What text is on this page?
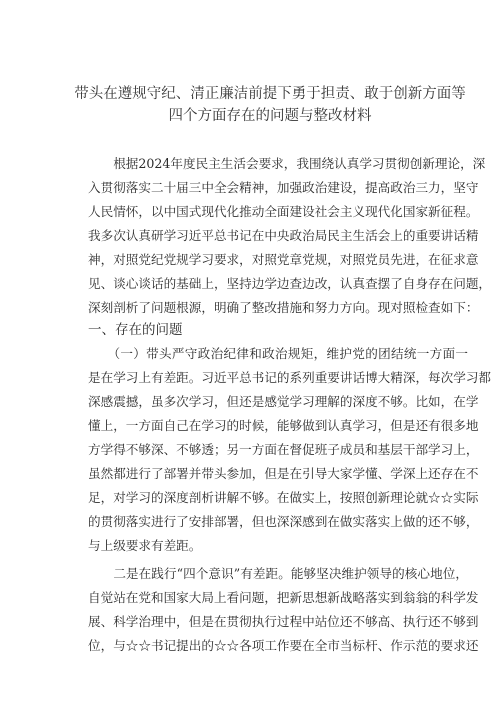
带头在遵规守纪、清正廉洁前提下勇于担责、敢于创新方面等
四个方面存在的问题与整改材料
　　根据2024年度民主生活会要求，我围绕认真学习贯彻创新理论，深
入贯彻落实二十届三中全会精神，加强政治建设，提高政治三力，坚守
人民情怀，以中国式现代化推动全面建设社会主义现代化国家新征程。
我多次认真研学习近平总书记在中央政治局民主生活会上的重要讲话精
神，对照党纪党规学习要求，对照党章党规，对照党员先进，在征求意
见、谈心谈话的基础上，坚持边学边查边改，认真查摆了自身存在问题，
深刻剖析了问题根源，明确了整改措施和努力方向。现对照检查如下：
一、存在的问题
　　（一）带头严守政治纪律和政治规矩，维护党的团结统一方面一
是在学习上有差距。习近平总书记的系列重要讲话博大精深，每次学习都
深感震撼，虽多次学习，但还是感觉学习理解的深度不够。比如，在学
懂上，一方面自己在学习的时候，能够做到认真学习，但是还有很多地
方学得不够深、不够透；另一方面在督促班子成员和基层干部学习上，
虽然都进行了部署并带头参加，但是在引导大家学懂、学深上还存在不
足，对学习的深度剖析讲解不够。在做实上，按照创新理论就☆☆实际
的贯彻落实进行了安排部署，但也深深感到在做实落实上做的还不够，
与上级要求有差距。
　　二是在践行“四个意识”有差距。能够坚决维护领导的核心地位，
自觉站在党和国家大局上看问题，把新思想新战略落实到翁翁的科学发
展、科学治理中，但是在贯彻执行过程中站位还不够高、执行还不够到
位，与☆☆书记提出的☆☆各项工作要在全市当标杆、作示范的要求还
